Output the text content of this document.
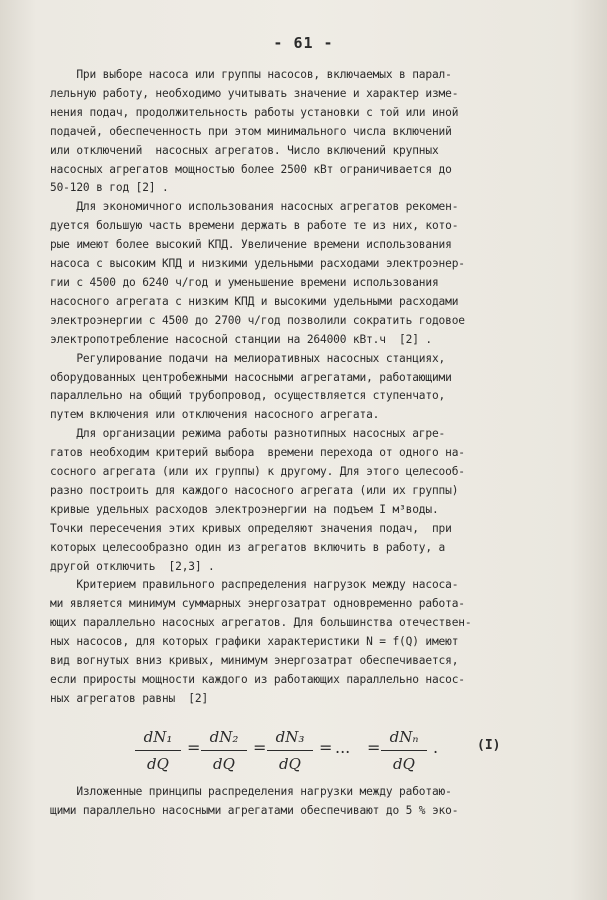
- 61 -
При выборе насоса или группы насосов, включаемых в парал-
лельную работу, необходимо учитывать значение и характер изме-
нения подач, продолжительность работы установки с той или иной
подачей, обеспеченность при этом минимального числа включений
или отключений  насосных агрегатов. Число включений крупных
насосных агрегатов мощностью более 2500 кВт ограничивается до
50-120 в год [2] .
Для экономичного использования насосных агрегатов рекомен-
дуется большую часть времени держать в работе те из них, кото-
рые имеют более высокий КПД. Увеличение времени использования
насоса с высоким КПД и низкими удельными расходами электроэнер-
гии с 4500 до 6240 ч/год и уменьшение времени использования
насосного агрегата с низким КПД и высокими удельными расходами
электроэнергии с 4500 до 2700 ч/год позволили сократить годовое
электропотребление насосной станции на 264000 кВт.ч  [2] .
Регулирование подачи на мелиоративных насосных станциях,
оборудованных центробежными насосными агрегатами, работающими
параллельно на общий трубопровод, осуществляется ступенчато,
путем включения или отключения насосного агрегата.
Для организации режима работы разнотипных насосных агре-
гатов необходим критерий выбора  времени перехода от одного на-
сосного агрегата (или их группы) к другому. Для этого целесооб-
разно построить для каждого насосного агрегата (или их группы)
кривые удельных расходов электроэнергии на подъем I м³воды.
Точки пересечения этих кривых определяют значения подач,  при
которых целесообразно один из агрегатов включить в работу, а
другой отключить  [2,3] .
Критерием правильного распределения нагрузок между насоса-
ми является минимум суммарных энергозатрат одновременно работа-
ющих параллельно насосных агрегатов. Для большинства отечествен-
ных насосов, для которых графики характеристики N = f(Q) имеют
вид вогнутых вниз кривых, минимум энергозатрат обеспечивается,
если приросты мощности каждого из работающих параллельно насос-
ных агрегатов равны  [2]
dN₁
dQ
=
dN₂
dQ
=
dN₃
dQ
= ... =
dNₙ
dQ
.	(I)
Изложенные принципы распределения нагрузки между работаю-
щими параллельно насосными агрегатами обеспечивают до 5 % эко-
